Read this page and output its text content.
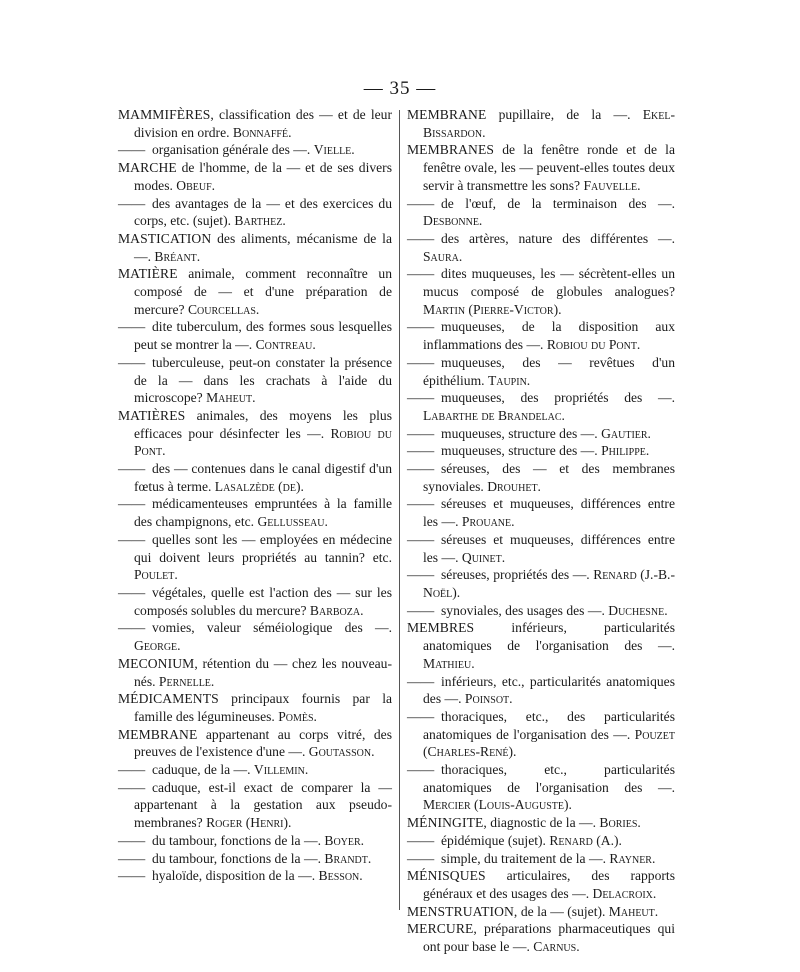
— 35 —
MAMMIFÈRES, classification des — et de leur division en ordre. Bonnaffé.
——organisation générale des —. Vielle.
MARCHE de l'homme, de la — et de ses divers modes. Obeuf.
——des avantages de la — et des exercices du corps, etc. (sujet). Barthez.
MASTICATION des aliments, mécanisme de la —. Bréant.
MATIÈRE animale, comment reconnaître un composé de — et d'une préparation de mercure? Courcellas.
——dite tuberculum, des formes sous lesquelles peut se montrer la —. Contreau.
——tuberculeuse, peut-on constater la présence de la — dans les crachats à l'aide du microscope? Maheut.
MATIÈRES animales, des moyens les plus efficaces pour désinfecter les —. Robiou du Pont.
——des — contenues dans le canal digestif d'un fœtus à terme. Lasalzède (de).
——médicamenteuses empruntées à la famille des champignons, etc. Gellusseau.
——quelles sont les — employées en médecine qui doivent leurs propriétés au tannin? etc. Poulet.
——végétales, quelle est l'action des — sur les composés solubles du mercure? Barboza.
——vomies, valeur séméiologique des —. George.
MECONIUM, rétention du — chez les nouveau-nés. Pernelle.
MÉDICAMENTS principaux fournis par la famille des légumineuses. Pomès.
MEMBRANE appartenant au corps vitré, des preuves de l'existence d'une —. Goutasson.
——caduque, de la —. Villemin.
——caduque, est-il exact de comparer la — appartenant à la gestation aux pseudo-membranes? Roger (Henri).
——du tambour, fonctions de la —. Boyer.
——du tambour, fonctions de la —. Brandt.
——hyaloïde, disposition de la —. Besson.
MEMBRANE pupillaire, de la —. Ekel-Bissardon.
MEMBRANES de la fenêtre ronde et de la fenêtre ovale, les — peuvent-elles toutes deux servir à transmettre les sons? Fauvelle.
——de l'œuf, de la terminaison des —. Desbonne.
——des artères, nature des différentes —. Saura.
——dites muqueuses, les — sécrètent-elles un mucus composé de globules analogues? Martin (Pierre-Victor).
——muqueuses, de la disposition aux inflammations des —. Robiou du Pont.
——muqueuses, des — revêtues d'un épithélium. Taupin.
——muqueuses, des propriétés des —. Labarthe de Brandelac.
——muqueuses, structure des —. Gautier.
——muqueuses, structure des —. Philippe.
——séreuses, des — et des membranes synoviales. Drouhet.
——séreuses et muqueuses, différences entre les —. Prouane.
——séreuses et muqueuses, différences entre les —. Quinet.
——séreuses, propriétés des —. Renard (J.-B.-Noël).
——synoviales, des usages des —. Duchesne.
MEMBRES inférieurs, particularités anatomiques de l'organisation des —. Mathieu.
——inférieurs, etc., particularités anatomiques des —. Poinsot.
——thoraciques, etc., des particularités anatomiques de l'organisation des —. Pouzet (Charles-René).
——thoraciques, etc., particularités anatomiques de l'organisation des —. Mercier (Louis-Auguste).
MÉNINGITE, diagnostic de la —. Bories.
——épidémique (sujet). Renard (A.).
——simple, du traitement de la —. Rayner.
MÉNISQUES articulaires, des rapports généraux et des usages des —. Delacroix.
MENSTRUATION, de la — (sujet). Maheut.
MERCURE, préparations pharmaceutiques qui ont pour base le —. Carnus.
